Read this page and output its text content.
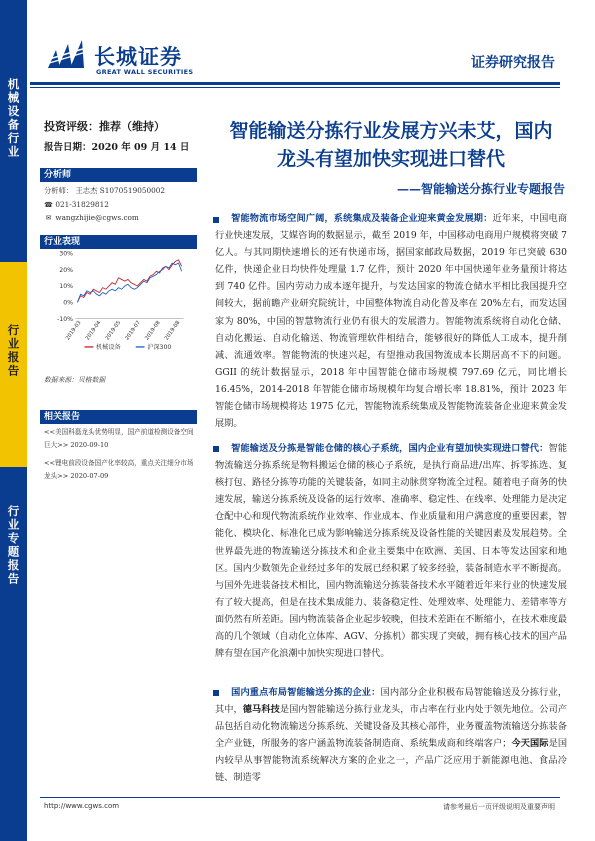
机械设备行业
行业报告
行业专题报告
长城证券
GREAT WALL SECURITIES
证券研究报告
投资评级：推荐（维持）
报告日期：2020 年 09 月 14 日
分析师
分析师： 王志杰 S1070519050002
☎ 021-31829812
✉ wangzhijie@cgws.com
行业表现
-10%
0%
10%
20%
30%
2019-03 2019-04 2019-05 2019-07 2019-08 2019-08
机械设备	沪深300
数据来源：贝格数据
相关报告
<<美国科磊龙头优势明显，国产前道检测设备空间巨大>> 2020-09-10
<<锂电前段设备国产化率较高，重点关注细分市场龙头>> 2020-07-09
智能输送分拣行业发展方兴未艾，国内
龙头有望加快实现进口替代
——智能输送分拣行业专题报告
智能物流市场空间广阔，系统集成及装备企业迎来黄金发展期：近年来，中国电商行业快速发展，艾媒咨询的数据显示，截至 2019 年，中国移动电商用户规模将突破 7 亿人。与其同期快速增长的还有快递市场，据国家邮政局数据，2019 年已突破 630 亿件，快递企业日均快件处理量 1.7 亿件，预计 2020 年中国快递年业务量预计将达到 740 亿件。国内劳动力成本逐年提升，与发达国家的物流仓储水平相比我国提升空间较大，据前瞻产业研究院统计，中国整体物流自动化普及率在 20%左右，而发达国家为 80%，中国的智慧物流行业仍有很大的发展潜力。智能物流系统将自动化仓储、自动化搬运、自动化输送、物流管理软件相结合，能够很好的降低人工成本，提升削减、流通效率。智能物流的快速兴起，有望推动我国物流成本长期居高不下的问题。GGII 的统计数据显示，2018 年中国智能仓储市场规模 797.69 亿元，同比增长 16.45%，2014-2018 年智能仓储市场规模年均复合增长率 18.81%，预计 2023 年智能仓储市场规模将达 1975 亿元，智能物流系统集成及智能物流装备企业迎来黄金发展期。
智能输送及分拣是智能仓储的核心子系统，国内企业有望加快实现进口替代：智能物流输送分拣系统是物料搬运仓储的核心子系统，是执行商品进/出库、拆零拣选、复核打包、路径分拣等功能的关键装备，如同主动脉贯穿物流全过程。随着电子商务的快速发展，输送分拣系统及设备的运行效率、准确率、稳定性、在线率、处理能力是决定仓配中心和现代物流系统作业效率、作业成本、作业质量和用户满意度的重要因素，智能化、模块化、标准化已成为影响输送分拣系统及设备性能的关键因素及发展趋势。全世界最先进的物流输送分拣技术和企业主要集中在欧洲、美国、日本等发达国家和地区。国内少数领先企业经过多年的发展已经积累了较多经验，装备制造水平不断提高。与国外先进装备技术相比，国内物流输送分拣装备技术水平随着近年来行业的快速发展有了较大提高，但是在技术集成能力、装备稳定性、处理效率、处理能力、差错率等方面仍然有所差距。国内物流装备企业起步较晚，但技术差距在不断缩小，在技术难度最高的几个领域（自动化立体库、AGV、分拣机）都实现了突破，拥有核心技术的国产品牌有望在国产化浪潮中加快实现进口替代。
国内重点布局智能输送分拣的企业：国内部分企业积极布局智能输送及分拣行业，其中，德马科技是国内智能输送分拣行业龙头，市占率在行业内处于领先地位。公司产品包括自动化物流输送分拣系统、关键设备及其核心部件，业务覆盖物流输送分拣装备全产业链，所服务的客户涵盖物流装备制造商、系统集成商和终端客户；今天国际是国内较早从事智能物流系统解决方案的企业之一，产品广泛应用于新能源电池、食品冷链、制造零
http://www.cgws.com	请参考最后一页评级说明及重要声明
